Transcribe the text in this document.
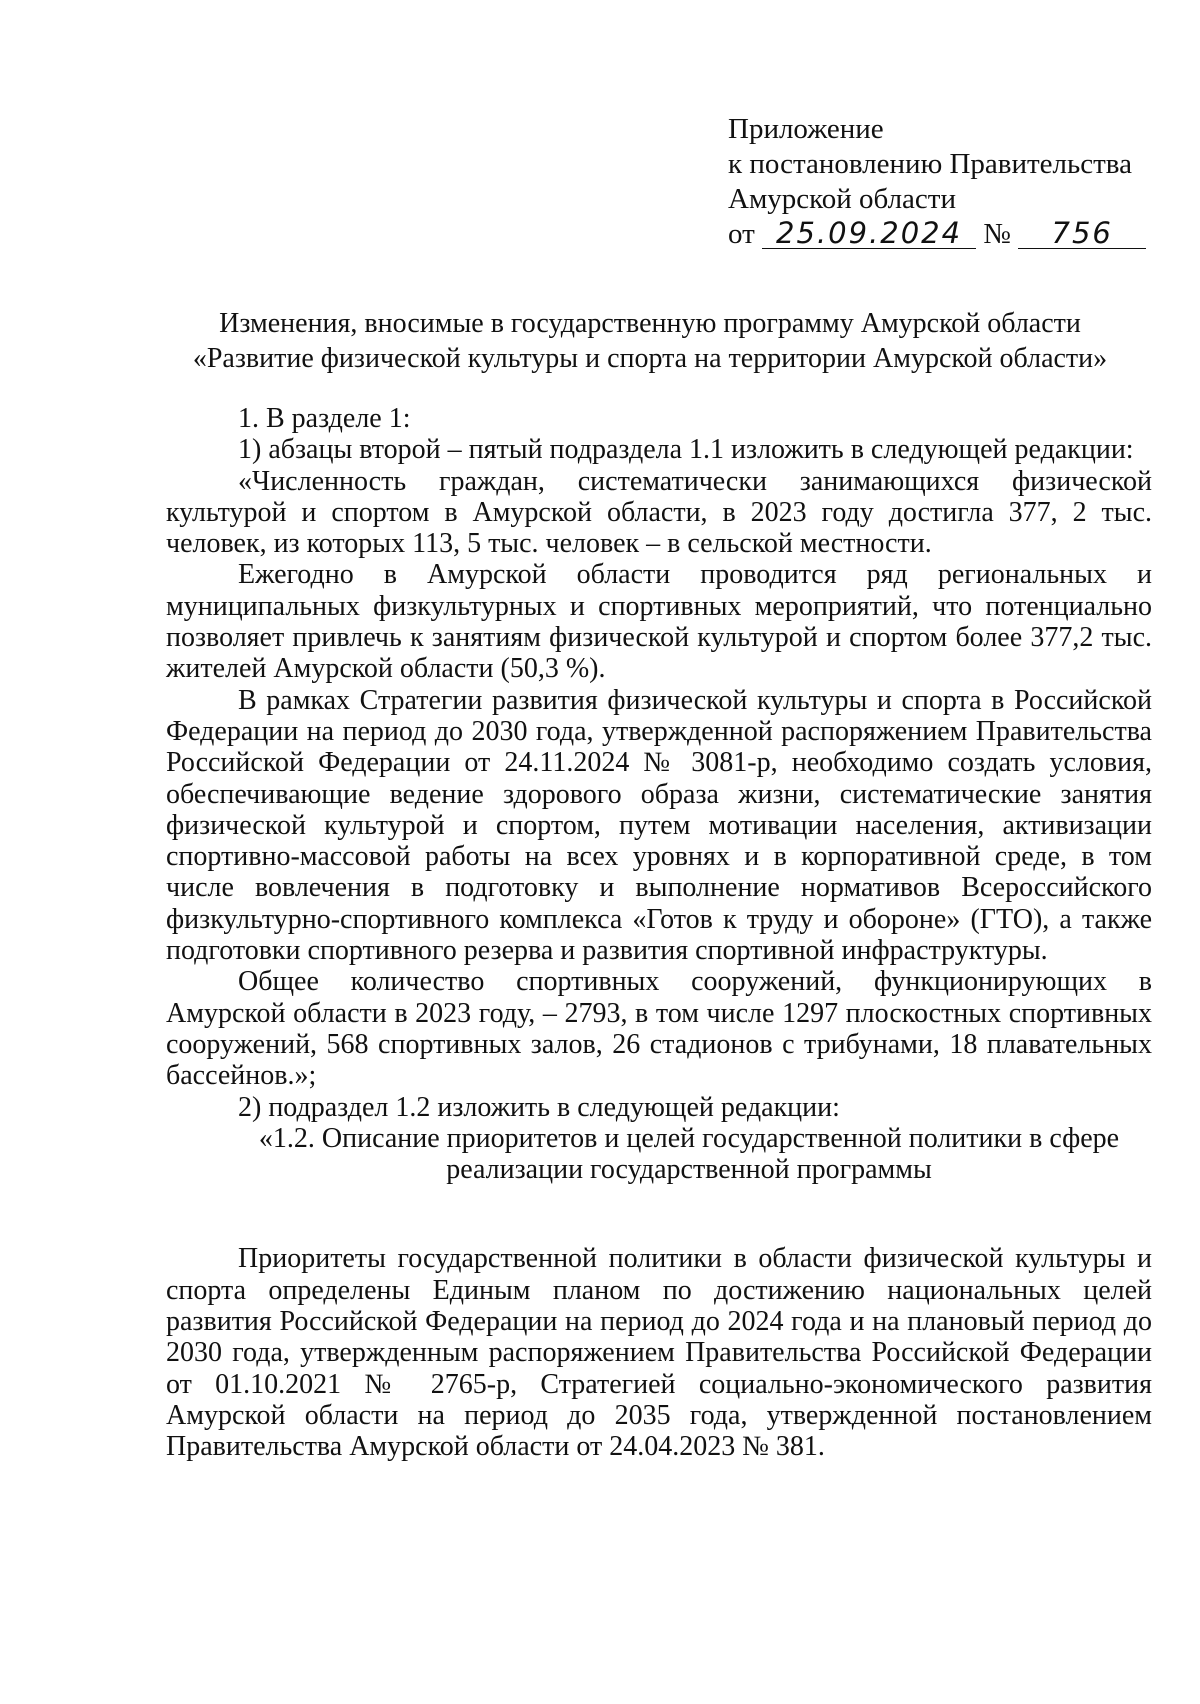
Приложение
к постановлению Правительства
Амурской области
от 25.09.2024 № 756
Изменения, вносимые в государственную программу Амурской области
«Развитие физической культуры и спорта на территории Амурской области»

1. В разделе 1:

1) абзацы второй – пятый подраздела 1.1 изложить в следующей редакции:

«Численность граждан, систематически занимающихся физической культурой и спортом в Амурской области, в 2023 году достигла 377, 2 тыс. человек, из которых 113, 5 тыс. человек – в сельской местности.

Ежегодно в Амурской области проводится ряд региональных и муниципальных физкультурных и спортивных мероприятий, что потенциально позволяет привлечь к занятиям физической культурой и спортом более 377,2 тыс. жителей Амурской области (50,3 %).

В рамках Стратегии развития физической культуры и спорта в Российской Федерации на период до 2030 года, утвержденной распоряжением Правительства Российской Федерации от 24.11.2024 № 3081-р, необходимо создать условия, обеспечивающие ведение здорового образа жизни, систематические занятия физической культурой и спортом, путем мотивации населения, активизации спортивно-массовой работы на всех уровнях и в корпоративной среде, в том числе вовлечения в подготовку и выполнение нормативов Всероссийского физкультурно-спортивного комплекса «Готов к труду и обороне» (ГТО), а также подготовки спортивного резерва и развития спортивной инфраструктуры.

Общее количество спортивных сооружений, функционирующих в Амурской области в 2023 году, – 2793, в том числе 1297 плоскостных спортивных сооружений, 568 спортивных залов, 26 стадионов с трибунами, 18 плавательных бассейнов.»;

2) подраздел 1.2 изложить в следующей редакции:

«1.2. Описание приоритетов и целей государственной политики в сфере
реализации государственной программы

Приоритеты государственной политики в области физической культуры и спорта определены Единым планом по достижению национальных целей развития Российской Федерации на период до 2024 года и на плановый период до 2030 года, утвержденным распоряжением Правительства Российской Федерации от 01.10.2021 № 2765-р, Стратегией социально-экономического развития Амурской области на период до 2035 года, утвержденной постановлением Правительства Амурской области от 24.04.2023 № 381.
